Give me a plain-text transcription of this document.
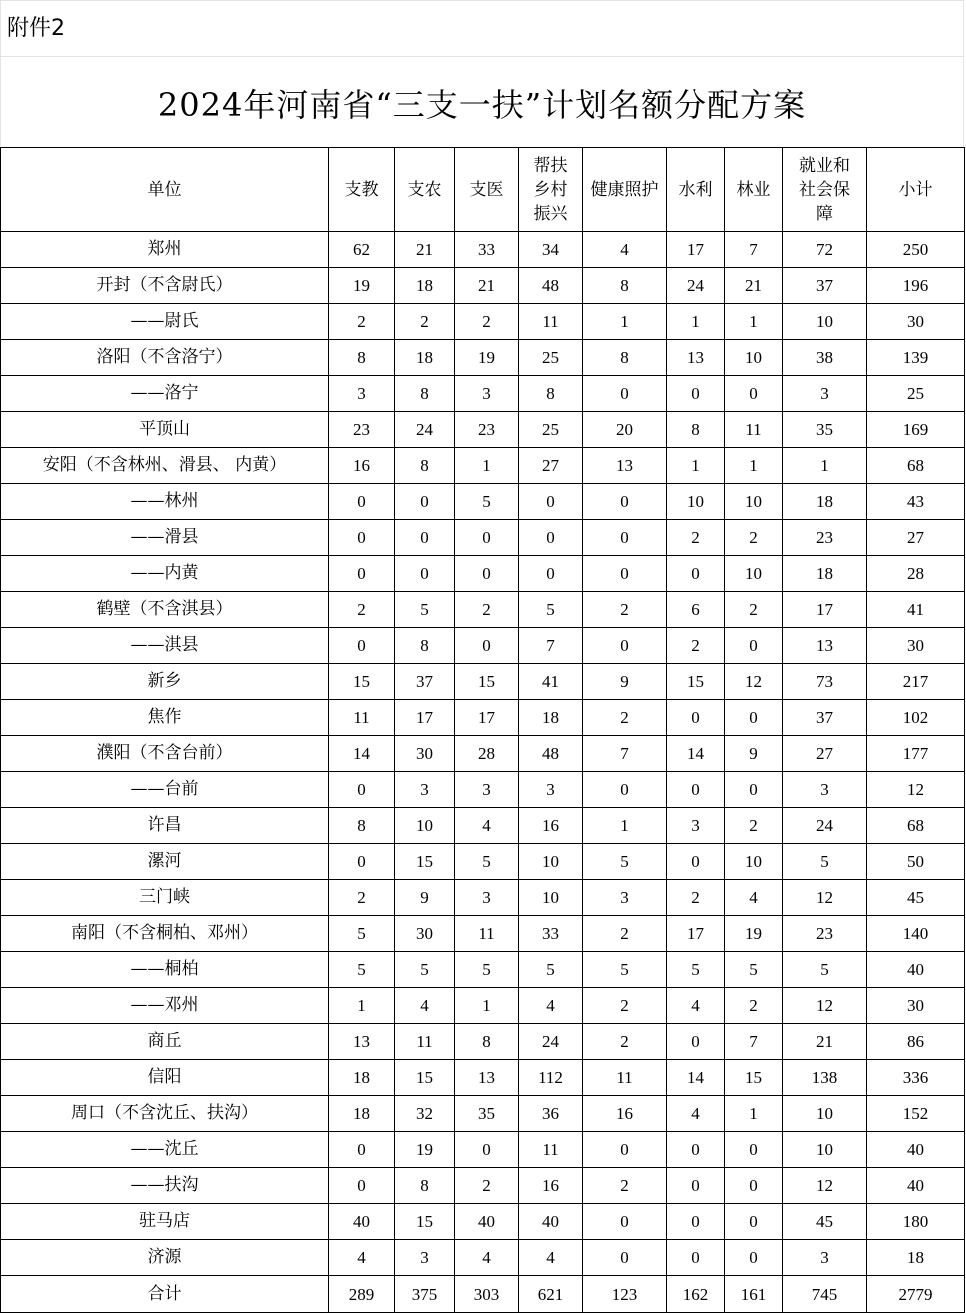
附件2
2024年河南省“三支一扶”计划名额分配方案
单位	支教	支农	支医	帮扶乡村振兴	健康照护	水利	林业	就业和社会保障	小计
郑州	62	21	33	34	4	17	7	72	250
开封（不含尉氏）	19	18	21	48	8	24	21	37	196
——尉氏	2	2	2	11	1	1	1	10	30
洛阳（不含洛宁）	8	18	19	25	8	13	10	38	139
——洛宁	3	8	3	8	0	0	0	3	25
平顶山	23	24	23	25	20	8	11	35	169
安阳（不含林州、滑县、 内黄）	16	8	1	27	13	1	1	1	68
——林州	0	0	5	0	0	10	10	18	43
——滑县	0	0	0	0	0	2	2	23	27
——内黄	0	0	0	0	0	0	10	18	28
鹤壁（不含淇县）	2	5	2	5	2	6	2	17	41
——淇县	0	8	0	7	0	2	0	13	30
新乡	15	37	15	41	9	15	12	73	217
焦作	11	17	17	18	2	0	0	37	102
濮阳（不含台前）	14	30	28	48	7	14	9	27	177
——台前	0	3	3	3	0	0	0	3	12
许昌	8	10	4	16	1	3	2	24	68
漯河	0	15	5	10	5	0	10	5	50
三门峡	2	9	3	10	3	2	4	12	45
南阳（不含桐柏、邓州）	5	30	11	33	2	17	19	23	140
——桐柏	5	5	5	5	5	5	5	5	40
——邓州	1	4	1	4	2	4	2	12	30
商丘	13	11	8	24	2	0	7	21	86
信阳	18	15	13	112	11	14	15	138	336
周口（不含沈丘、扶沟）	18	32	35	36	16	4	1	10	152
——沈丘	0	19	0	11	0	0	0	10	40
——扶沟	0	8	2	16	2	0	0	12	40
驻马店	40	15	40	40	0	0	0	45	180
济源	4	3	4	4	0	0	0	3	18
合计	289	375	303	621	123	162	161	745	2779
